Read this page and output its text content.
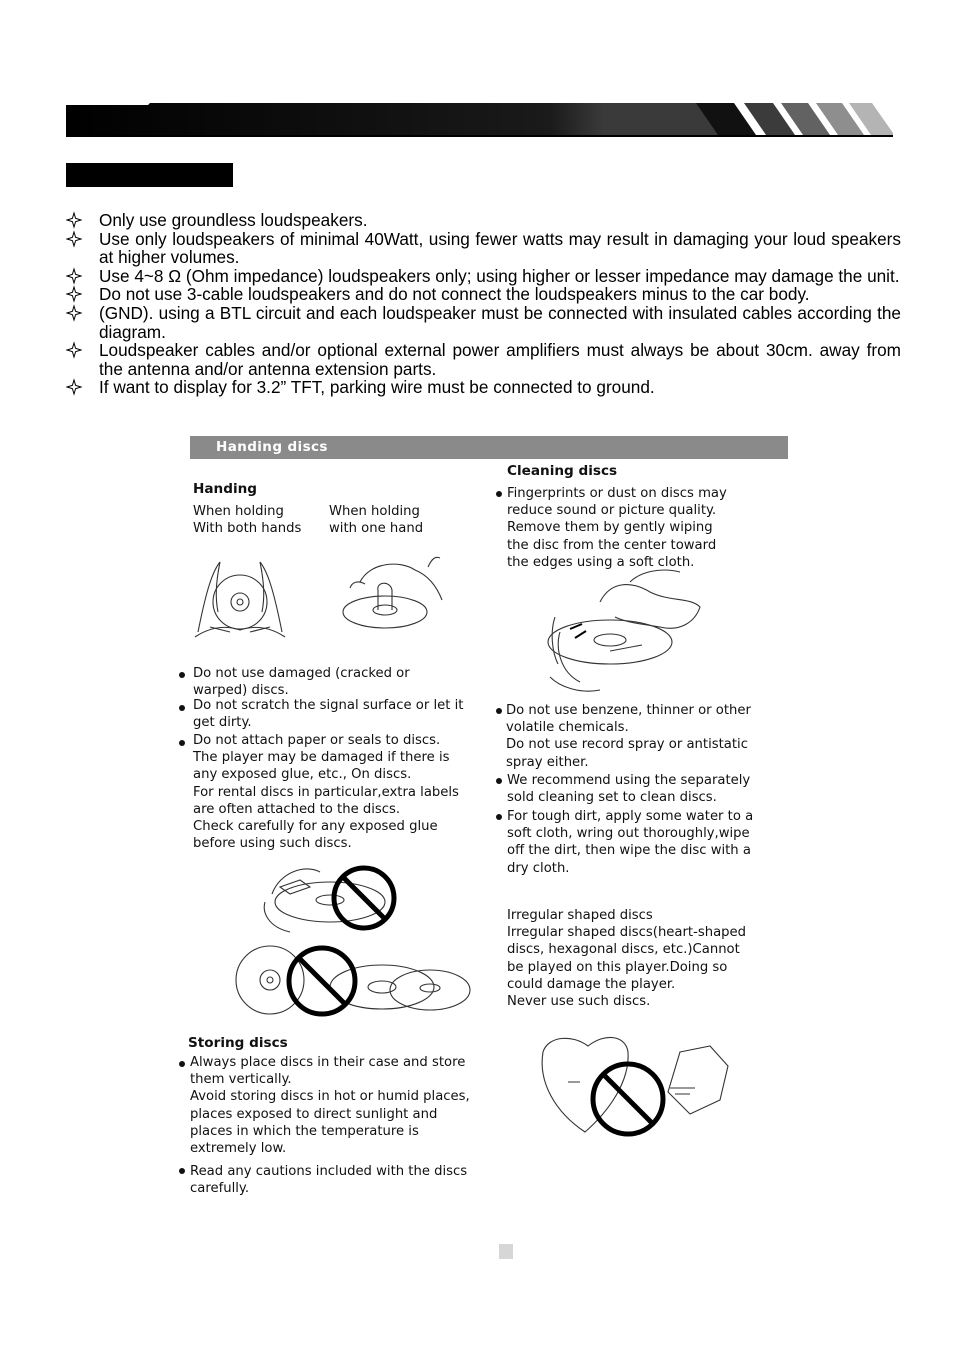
Only use groundless loudspeakers.
Use only loudspeakers of minimal 40Watt, using fewer watts may result in damaging your loud speakers at higher volumes.
Use 4~8 Ω (Ohm impedance) loudspeakers only; using higher or lesser impedance may damage the unit.
Do not use 3-cable loudspeakers and do not connect the loudspeakers minus to the car body.
(GND). using a BTL circuit and each loudspeaker must be connected with insulated cables according the diagram.
Loudspeaker cables and/or optional external power amplifiers must always be about 30cm. away from the antenna and/or antenna extension parts.
If want to display for 3.2” TFT, parking wire must be connected to ground.
Handing discs
Handing
When holding
With both hands
When holding
with one hand
Do not use damaged (cracked or
warped) discs.
Do not scratch the signal surface or let it
get dirty.
Do not attach paper or seals to discs.
The player may be damaged if there is
any exposed glue, etc., On discs.
For rental discs in particular,extra labels
are often attached to the discs.
Check carefully for any exposed glue
before using such discs.
Storing discs
Always place discs in their case and store
them vertically.
Avoid storing discs in hot or humid places,
places exposed to direct sunlight and
places in which the temperature is
extremely low.
Read any cautions included with the discs
carefully.
Cleaning discs
Fingerprints or dust on discs may
reduce sound or picture quality.
Remove them by gently wiping
the disc from the center toward
the edges using a soft cloth.
Do not use benzene, thinner or other
volatile chemicals.
Do not use record spray or antistatic
spray either.
We recommend using the separately
sold cleaning set to clean discs.
For tough dirt, apply some water to a
soft cloth, wring out thoroughly,wipe
off the dirt, then wipe the disc with a
dry cloth.
Irregular shaped discs
Irregular shaped discs(heart-shaped
discs, hexagonal discs, etc.)Cannot
be played on this player.Doing so
could damage the player.
Never use such discs.
